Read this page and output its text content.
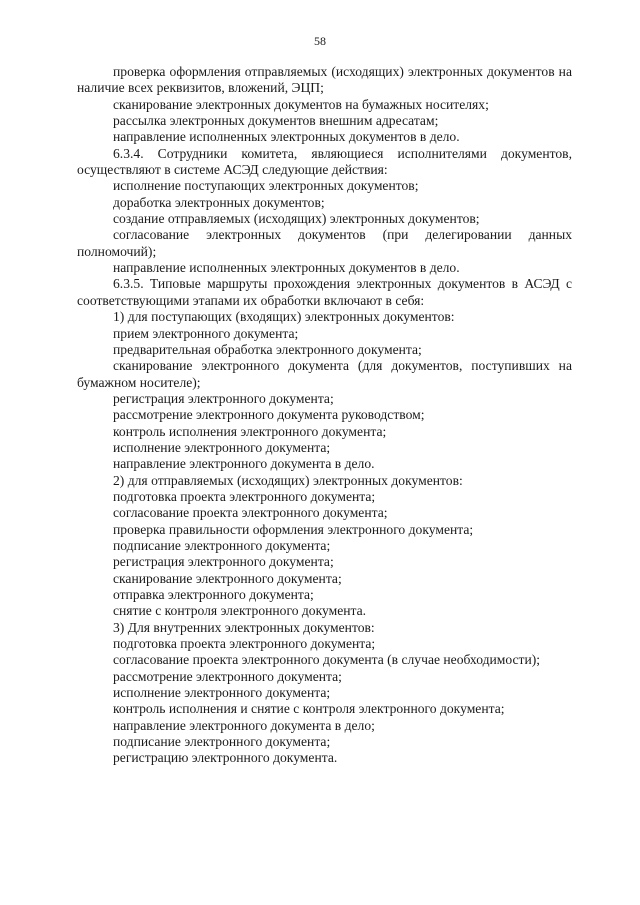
58

проверка оформления отправляемых (исходящих) электронных документов на наличие всех реквизитов, вложений, ЭЦП;

сканирование электронных документов на бумажных носителях;

рассылка электронных документов внешним адресатам;

направление исполненных электронных документов в дело.

6.3.4. Сотрудники комитета, являющиеся исполнителями документов, осуществляют в системе АСЭД следующие действия:

исполнение поступающих электронных документов;

доработка электронных документов;

создание отправляемых (исходящих) электронных документов;

согласование электронных документов (при делегировании данных полномочий);

направление исполненных электронных документов в дело.

6.3.5. Типовые маршруты прохождения электронных документов в АСЭД с соответствующими этапами их обработки включают в себя:

1) для поступающих (входящих) электронных документов:

прием электронного документа;

предварительная обработка электронного документа;

сканирование электронного документа (для документов, поступивших на бумажном носителе);

регистрация электронного документа;

рассмотрение электронного документа руководством;

контроль исполнения электронного документа;

исполнение электронного документа;

направление электронного документа в дело.

2) для отправляемых (исходящих) электронных документов:

подготовка проекта электронного документа;

согласование проекта электронного документа;

проверка правильности оформления электронного документа;

подписание электронного документа;

регистрация электронного документа;

сканирование электронного документа;

отправка электронного документа;

снятие с контроля электронного документа.

3) Для внутренних электронных документов:

подготовка проекта электронного документа;

согласование проекта электронного документа (в случае необходимости);

рассмотрение электронного документа;

исполнение электронного документа;

контроль исполнения и снятие с контроля электронного документа;

направление электронного документа в дело;

подписание электронного документа;

регистрацию электронного документа.
